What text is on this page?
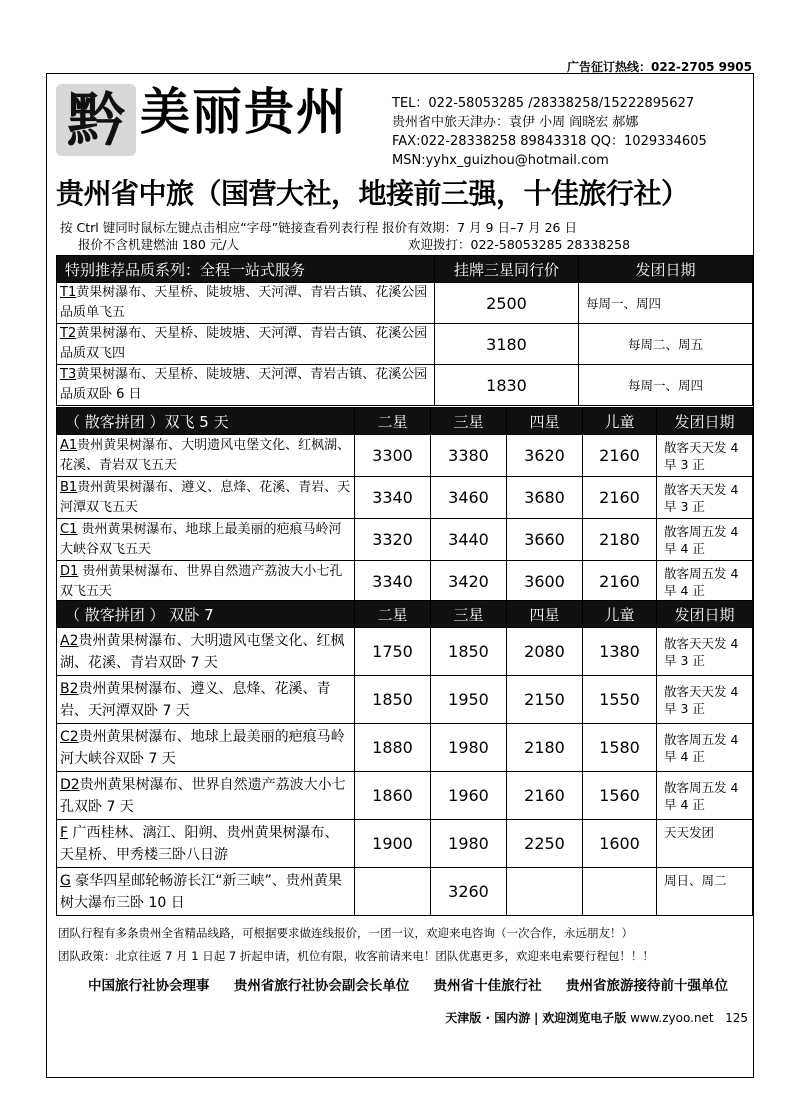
广告征订热线：022-2705 9905
黔 美丽贵州	TEL：022-58053285 /28338258/15222895627
贵州省中旅天津办：袁伊 小周 阎晓宏 郝娜
FAX:022-28338258 89843318 QQ：1029334605
MSN:yyhx_guizhou@hotmail.com
贵州省中旅（国营大社，地接前三强，十佳旅行社）
按 Ctrl 键同时鼠标左键点击相应“字母”链接查看列表行程 报价有效期：7 月 9 日–7 月 26 日
报价不含机建燃油 180 元/人	欢迎拨打：022-58053285 28338258
特别推荐品质系列：全程一站式服务	挂牌三星同行价	发团日期
T1黄果树瀑布、天星桥、陡坡塘、天河潭、青岩古镇、花溪公园品质单飞五	2500	每周一、周四
T2黄果树瀑布、天星桥、陡坡塘、天河潭、青岩古镇、花溪公园品质双飞四	3180	每周二、周五
T3黄果树瀑布、天星桥、陡坡塘、天河潭、青岩古镇、花溪公园品质双卧 6 日	1830	每周一、周四
（ 散客拼团 ）双飞 5 天	二星	三星	四星	儿童	发团日期
A1贵州黄果树瀑布、大明遗风屯堡文化、红枫湖、花溪、青岩双飞五天	3300	3380	3620	2160	散客天天发 4 早 3 正
B1贵州黄果树瀑布、遵义、息烽、花溪、青岩、天河潭双飞五天	3340	3460	3680	2160	散客天天发 4 早 3 正
C1 贵州黄果树瀑布、地球上最美丽的疤痕马岭河大峡谷双飞五天	3320	3440	3660	2180	散客周五发 4 早 4 正
D1 贵州黄果树瀑布、世界自然遗产荔波大小七孔双飞五天	3340	3420	3600	2160	散客周五发 4 早 4 正
（ 散客拼团 ） 双卧 7	二星	三星	四星	儿童	发团日期
A2贵州黄果树瀑布、大明遗风屯堡文化、红枫湖、花溪、青岩双卧 7 天	1750	1850	2080	1380	散客天天发 4 早 3 正
B2贵州黄果树瀑布、遵义、息烽、花溪、青岩、天河潭双卧 7 天	1850	1950	2150	1550	散客天天发 4 早 3 正
C2贵州黄果树瀑布、地球上最美丽的疤痕马岭河大峡谷双卧 7 天	1880	1980	2180	1580	散客周五发 4 早 4 正
D2贵州黄果树瀑布、世界自然遗产荔波大小七孔双卧 7 天	1860	1960	2160	1560	散客周五发 4 早 4 正
F 广西桂林、漓江、阳朔、贵州黄果树瀑布、天星桥、甲秀楼三卧八日游	1900	1980	2250	1600	天天发团
G 豪华四星邮轮畅游长江“新三峡”、贵州黄果树大瀑布三卧 10 日		3260			周日、周二
团队行程有多条贵州全省精品线路，可根据要求做连线报价，一团一议，欢迎来电咨询（一次合作，永远朋友！）
团队政策：北京往返 7 月 1 日起 7 折起申请，机位有限，收客前请来电！团队优惠更多，欢迎来电索要行程包！！！
中国旅行社协会理事 贵州省旅行社协会副会长单位 贵州省十佳旅行社 贵州省旅游接待前十强单位
天津版 · 国内游 | 欢迎浏览电子版 www.zyoo.net 125
